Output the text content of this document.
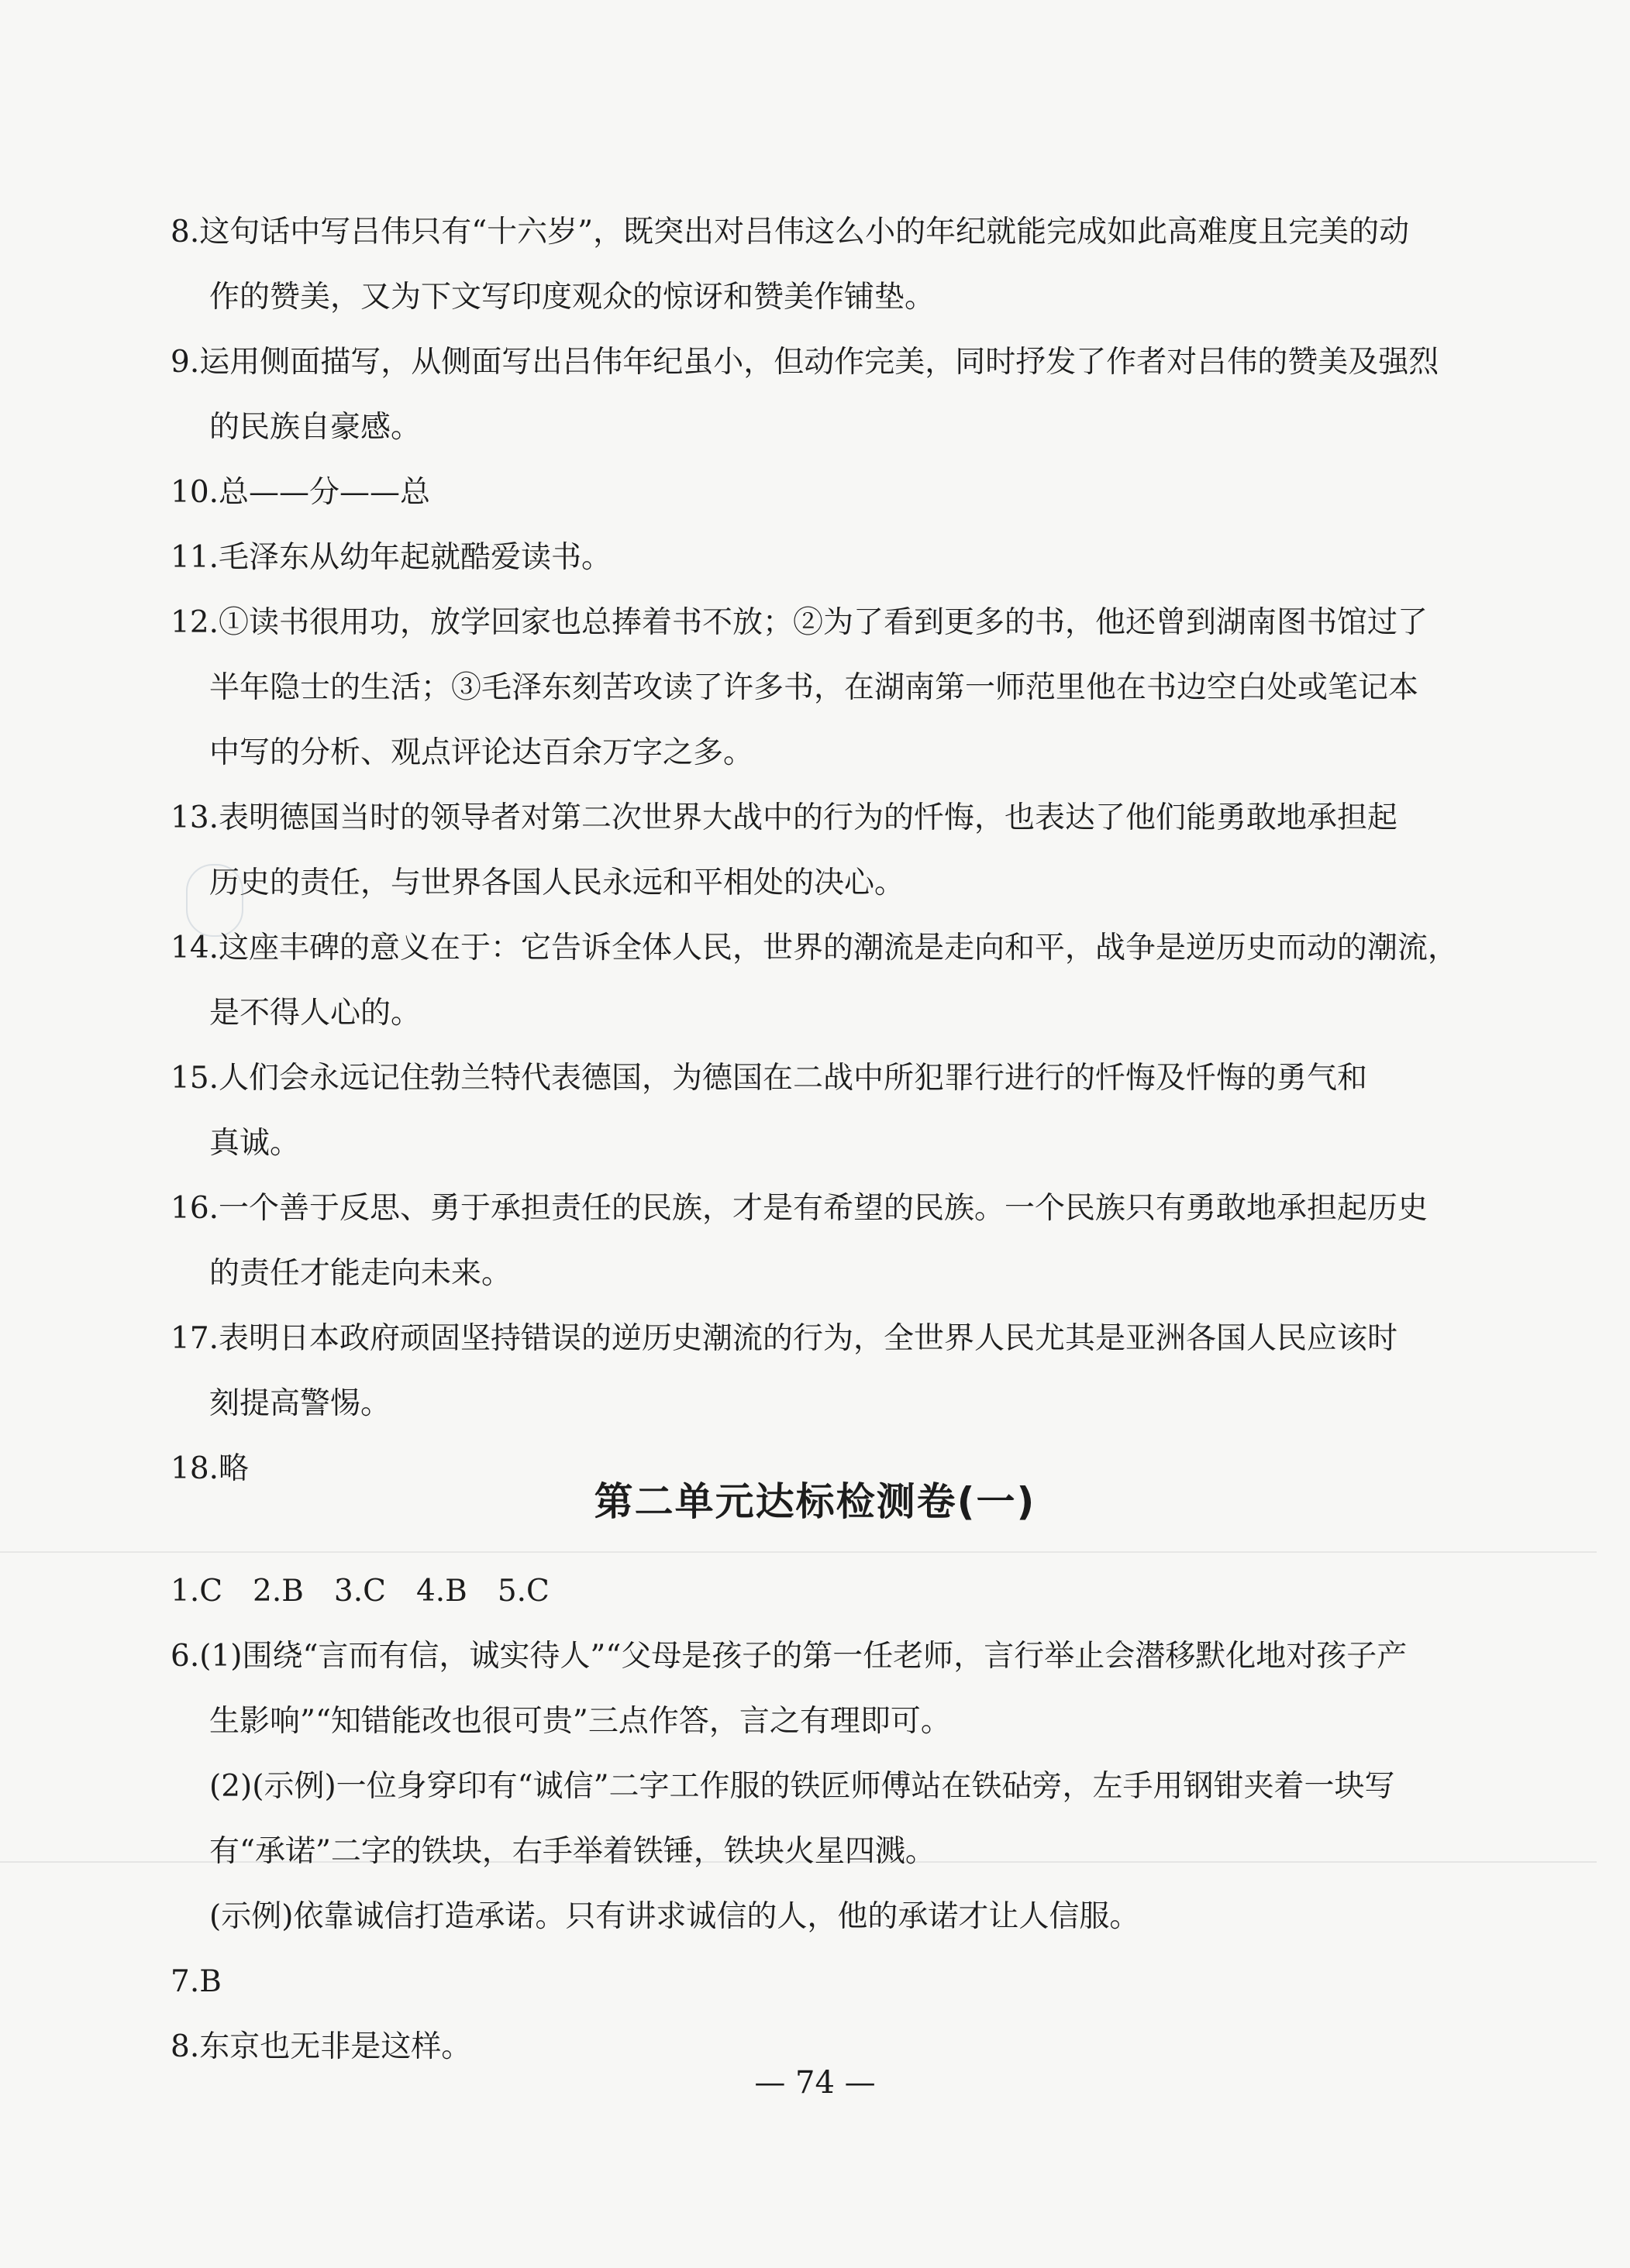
8.这句话中写吕伟只有“十六岁”，既突出对吕伟这么小的年纪就能完成如此高难度且完美的动
作的赞美，又为下文写印度观众的惊讶和赞美作铺垫。

9.运用侧面描写，从侧面写出吕伟年纪虽小，但动作完美，同时抒发了作者对吕伟的赞美及强烈
的民族自豪感。

10.总——分——总

11.毛泽东从幼年起就酷爱读书。

12.①读书很用功，放学回家也总捧着书不放；②为了看到更多的书，他还曾到湖南图书馆过了
半年隐士的生活；③毛泽东刻苦攻读了许多书，在湖南第一师范里他在书边空白处或笔记本
中写的分析、观点评论达百余万字之多。

13.表明德国当时的领导者对第二次世界大战中的行为的忏悔，也表达了他们能勇敢地承担起
历史的责任，与世界各国人民永远和平相处的决心。

14.这座丰碑的意义在于：它告诉全体人民，世界的潮流是走向和平，战争是逆历史而动的潮流，
是不得人心的。

15.人们会永远记住勃兰特代表德国，为德国在二战中所犯罪行进行的忏悔及忏悔的勇气和
真诚。

16.一个善于反思、勇于承担责任的民族，才是有希望的民族。一个民族只有勇敢地承担起历史
的责任才能走向未来。

17.表明日本政府顽固坚持错误的逆历史潮流的行为，全世界人民尤其是亚洲各国人民应该时
刻提高警惕。

18.略

第二单元达标检测卷(一)

1.C　2.B　3.C　4.B　5.C

6.(1)围绕“言而有信，诚实待人”“父母是孩子的第一任老师，言行举止会潜移默化地对孩子产
生影响”“知错能改也很可贵”三点作答，言之有理即可。

(2)(示例)一位身穿印有“诚信”二字工作服的铁匠师傅站在铁砧旁，左手用钢钳夹着一块写
有“承诺”二字的铁块，右手举着铁锤，铁块火星四溅。

(示例)依靠诚信打造承诺。只有讲求诚信的人，他的承诺才让人信服。

7.B

8.东京也无非是这样。

— 74 —
